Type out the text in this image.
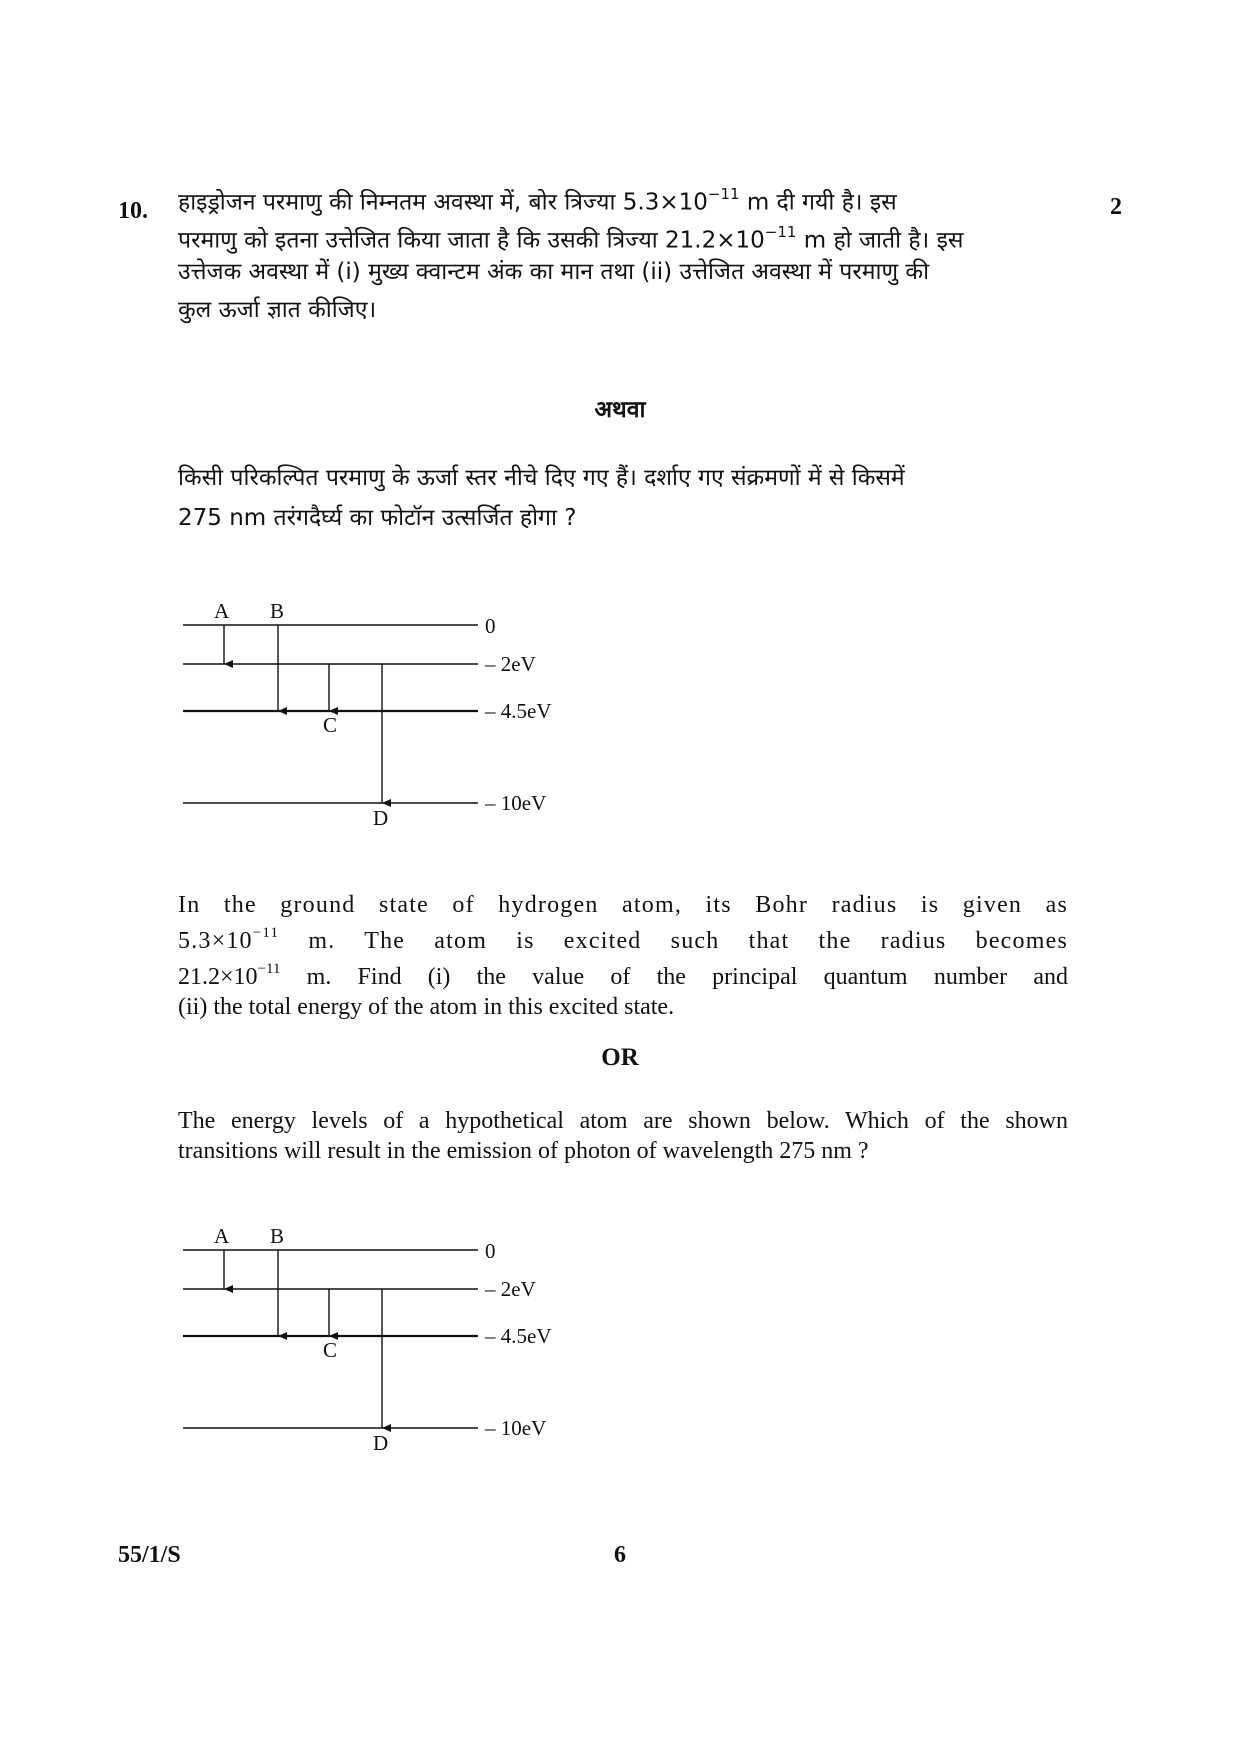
10.	2
हाइड्रोजन परमाणु की निम्नतम अवस्था में, बोर त्रिज्या $5.3\times 10^{-11}$ m दी गयी है। इस
परमाणु को इतना उत्तेजित किया जाता है कि उसकी त्रिज्या $21.2\times 10^{-11}$ m हो जाती है। इस
उत्तेजक अवस्था में (i) मुख्य क्वान्टम अंक का मान तथा (ii) उत्तेजित अवस्था में परमाणु की
कुल ऊर्जा ज्ञात कीजिए।
अथवा
किसी परिकल्पित परमाणु के ऊर्जा स्तर नीचे दिए गए हैं। दर्शाए गए संक्रमणों में से किसमें
275 nm तरंगदैर्घ्य का फोटॉन उत्सर्जित होगा ?
A B
C
D
0
– 2eV
– 4.5eV
– 10eV
In the ground state of hydrogen atom, its Bohr radius is given as
$5.3\times 10^{-11}$ m. The atom is excited such that the radius becomes
$21.2\times 10^{-11}$ m. Find (i) the value of the principal quantum number and
(ii) the total energy of the atom in this excited state.
OR
The energy levels of a hypothetical atom are shown below. Which of the shown
transitions will result in the emission of photon of wavelength 275 nm ?
A B
C
D
0
– 2eV
– 4.5eV
– 10eV
55/1/S	6
